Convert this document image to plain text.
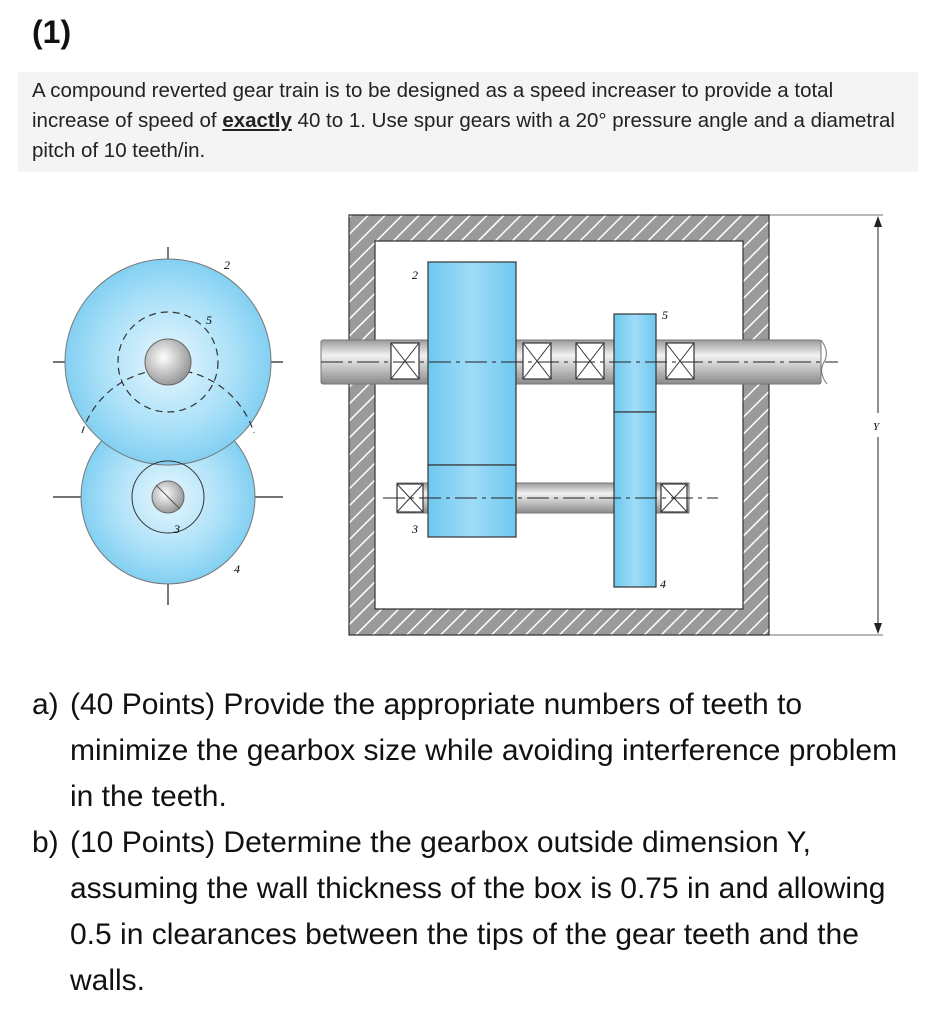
(1)
A compound reverted gear train is to be designed as a speed increaser to provide a total increase of speed of exactly 40 to 1. Use spur gears with a 20° pressure angle and a diametral pitch of 10 teeth/in.
2
5
3
4
2
5
3
4
Y
a) (40 Points) Provide the appropriate numbers of teeth to minimize the gearbox size while avoiding interference problem in the teeth.
b) (10 Points) Determine the gearbox outside dimension Y, assuming the wall thickness of the box is 0.75 in and allowing 0.5 in clearances between the tips of the gear teeth and the walls.
